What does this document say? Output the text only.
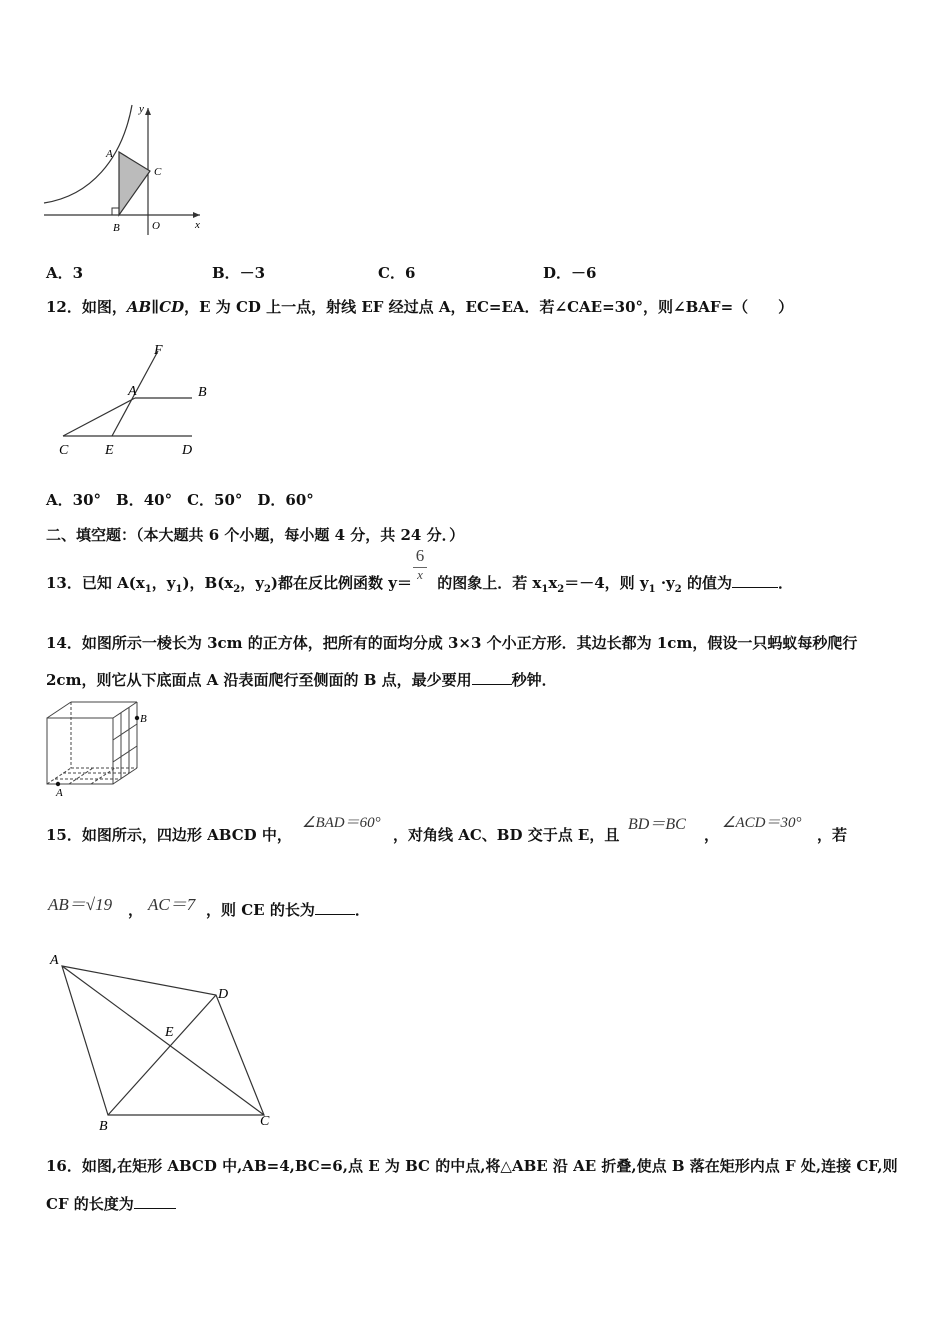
y
x
A
B
C
O
A．3	B．－3	C．6	D．－6
12．如图，AB∥CD，E 为 CD 上一点，射线 EF 经过点 A，EC=EA．若∠CAE=30°，则∠BAF=（　　）
F
A	B
C	E	D
A．30°　B．40°　C．50°　D．60°
二、填空题：（本大题共 6 个小题，每小题 4 分，共 24 分．）
13．已知 $A(x_1$，$y_1$)，$B(x_2$，$y_2$)都在反比例函数 y＝ 的图象上．若 $x_1x_2=-4$，则 $y_1 \cdot y_2$ 的值为	．
6
x
14．如图所示一棱长为 3cm 的正方体，把所有的面均分成 3×3 个小正方形．其边长都为 1cm，假设一只蚂蚁每秒爬行
2cm，则它从下底面点 A 沿表面爬行至侧面的 B 点，最少要用	秒钟．
B
A
15．如图所示，四边形 ABCD 中，
∠BAD＝60°
，对角线 AC、BD 交于点 E，且
BD＝BC
，
∠ACD＝30°
，若
AB＝√19 ， AC＝7 ，则 CE 的长为	．
A
D
E
B	C
16．如图,在矩形 ABCD 中,AB=4,BC=6,点 E 为 BC 的中点,将△ABE 沿 AE 折叠,使点 B 落在矩形内点 F 处,连接 CF,则
CF 的长度为
